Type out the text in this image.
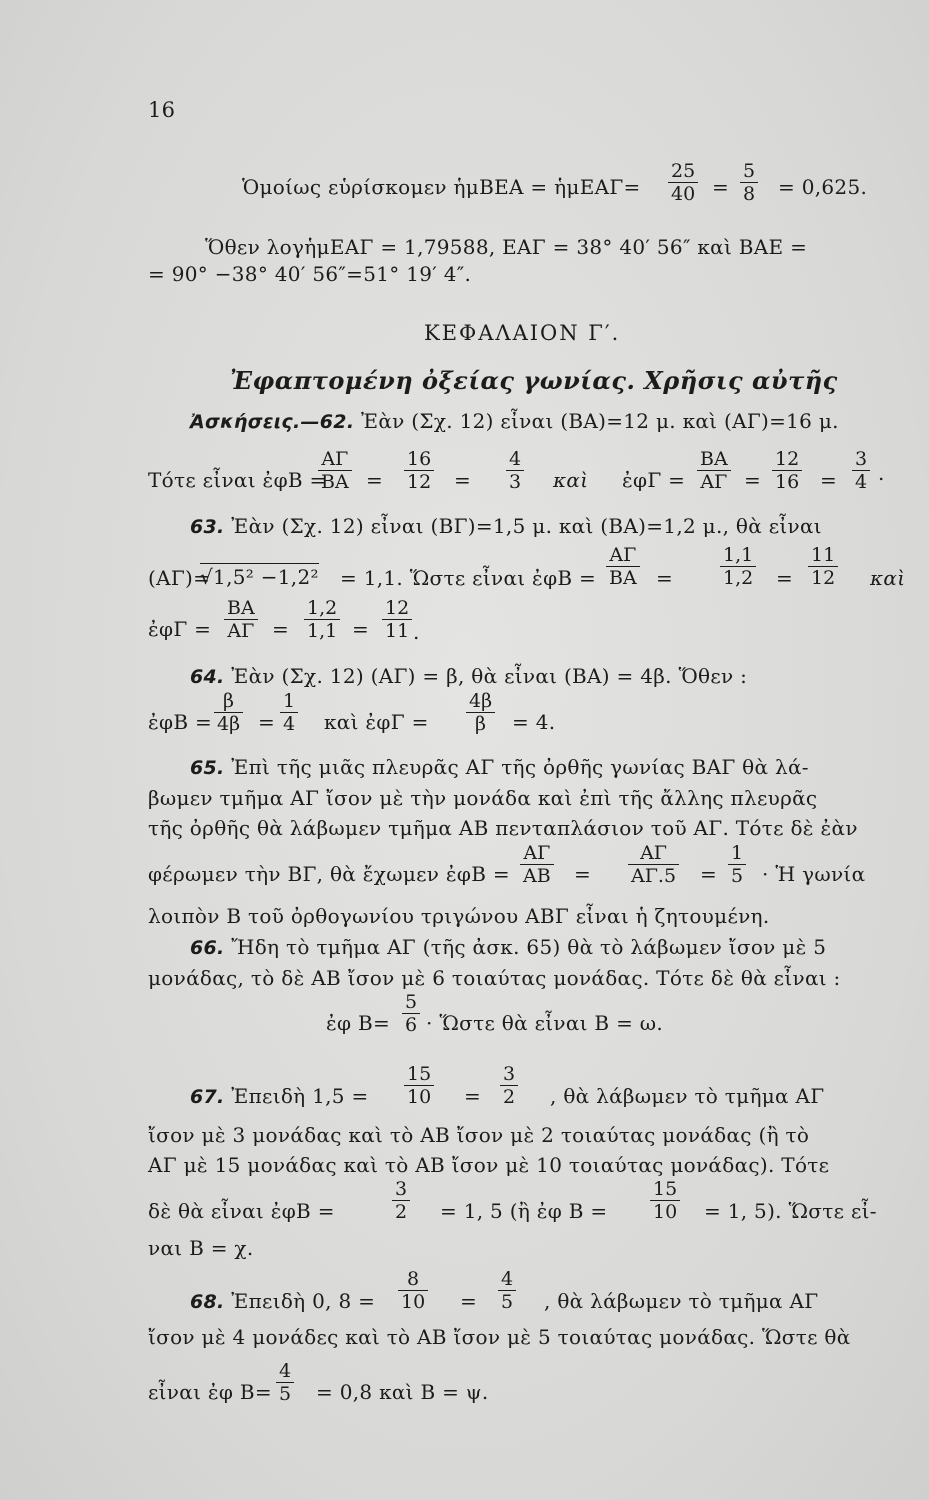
16
Ὁμοίως εὑρίσκομεν ἡμΒΕΑ = ἡμΕΑΓ= $\frac{25}{40} = \frac{5}{8} = 0,625$.
Ὅθεν λογἡμΕΑΓ = 1,79588, ΕΑΓ = 38° 40′ 56″ καὶ ΒΑΕ =
= 90° −38° 40′ 56″=51° 19′ 4″.
ΚΕΦΑΛΑΙΟΝ Γ′.
Ἐφαπτομένη ὀξείας γωνίας. Χρῆσις αὐτῆς
Ἀσκήσεις.—62. Ἐὰν (Σχ. 12) εἶναι (ΒΑ)=12 μ. καὶ (ΑΓ)=16 μ.
Τότε εἶναι ἐφΒ =
$\frac{A\Gamma}{BA} = \frac{16}{12} = \frac{4}{3}$ καὶ ἐφΓ = $\frac{BA}{A\Gamma} = \frac{12}{16} = \frac{3}{4}$ .
63. Ἐὰν (Σχ. 12) εἶναι (ΒΓ)=1,5 μ. καὶ (ΒΑ)=1,2 μ., θὰ εἶναι
(ΑΓ)=
√1,5² −1,2² = 1,1. Ὥστε εἶναι ἐφΒ = $\frac{A\Gamma}{BA} = \frac{1,1}{1,2} = \frac{11}{12}$ καὶ
ἐφΓ = $\frac{BA}{A\Gamma} = \frac{1,2}{1,1} = \frac{12}{11}$ .
64. Ἐὰν (Σχ. 12) (ΑΓ) = β, θὰ εἶναι (ΒΑ) = 4β. Ὅθεν :
ἐφΒ = $\frac{\beta}{4\beta} = \frac{1}{4}$ καὶ ἐφΓ = $\frac{4\beta}{\beta} = 4$.
65. Ἐπὶ τῆς μιᾶς πλευρᾶς ΑΓ τῆς ὀρθῆς γωνίας ΒΑΓ θὰ λά-
βωμεν τμῆμα ΑΓ ἴσον μὲ τὴν μονάδα καὶ ἐπὶ τῆς ἄλλης πλευρᾶς
τῆς ὀρθῆς θὰ λάβωμεν τμῆμα ΑΒ πενταπλάσιον τοῦ ΑΓ. Τότε δὲ ἐὰν
φέρωμεν τὴν ΒΓ, θὰ ἔχωμεν ἐφΒ = $\frac{A\Gamma}{AB} = \frac{A\Gamma}{A\Gamma.5} = \frac{1}{5}$ · Ἡ γωνία
λοιπὸν Β τοῦ ὀρθογωνίου τριγώνου ΑΒΓ εἶναι ἡ ζητουμένη.
66. Ἤδη τὸ τμῆμα ΑΓ (τῆς ἀσκ. 65) θὰ τὸ λάβωμεν ἴσον μὲ 5
μονάδας, τὸ δὲ ΑΒ ἴσον μὲ 6 τοιαύτας μονάδας. Τότε δὲ θὰ εἶναι :
ἐφ $B= \frac{5}{6}$ · Ὥστε θὰ εἶναι Β = ω.
67. Ἐπειδὴ $1,5 = \frac{15}{10} = \frac{3}{2}$ , θὰ λάβωμεν τὸ τμῆμα ΑΓ
ἴσον μὲ 3 μονάδας καὶ τὸ ΑΒ ἴσον μὲ 2 τοιαύτας μονάδας (ἢ τὸ
ΑΓ μὲ 15 μονάδας καὶ τὸ ΑΒ ἴσον μὲ 10 τοιαύτας μονάδας). Τότε
δὲ θὰ εἶναι ἐφΒ =	$\frac{3}{2} = 1$, 5 (ἢ ἐφ $B = \frac{15}{10} = 1$, 5). Ὥστε εἶ-
ναι Β = χ.
68. Ἐπειδὴ 0, $8 = \frac{8}{10} = \frac{4}{5}$ , θὰ λάβωμεν τὸ τμῆμα ΑΓ
ἴσον μὲ 4 μονάδες καὶ τὸ ΑΒ ἴσον μὲ 5 τοιαύτας μονάδας. Ὥστε θὰ
εἶναι ἐφ $B= \frac{4}{5} = 0,8$ καὶ Β = ψ.
